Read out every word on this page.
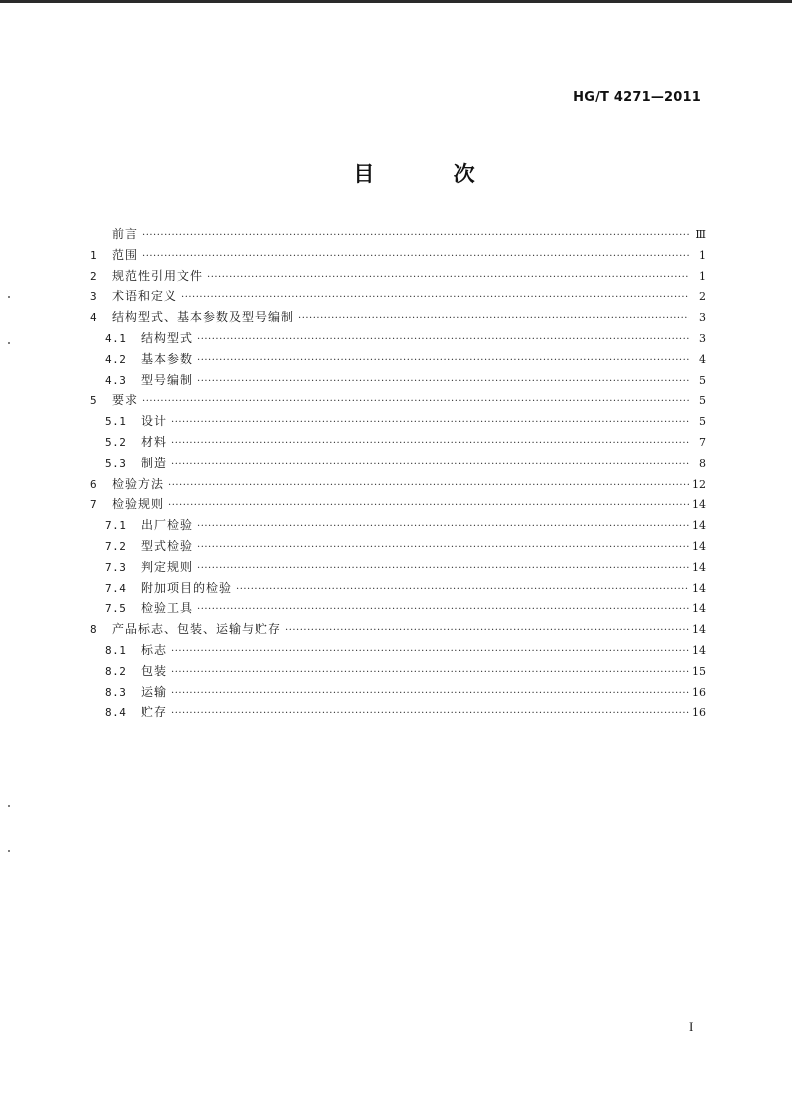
HG/T 4271—2011
目 次
前言 ·····	Ⅲ
1	范围 ·····	1
2	规范性引用文件 ·····	1
3	术语和定义 ·····	2
4	结构型式、基本参数及型号编制 ·····	3
4.1	结构型式 ·····	3
4.2	基本参数 ·····	4
4.3	型号编制 ·····	5
5	要求 ·····	5
5.1	设计 ·····	5
5.2	材料 ·····	7
5.3	制造 ·····	8
6	检验方法 ·····	12
7	检验规则 ·····	14
7.1	出厂检验 ·····	14
7.2	型式检验 ·····	14
7.3	判定规则 ·····	14
7.4	附加项目的检验 ·····	14
7.5	检验工具 ·····	14
8	产品标志、包装、运输与贮存 ·····	14
8.1	标志 ·····	14
8.2	包装 ·····	15
8.3	运输 ·····	16
8.4	贮存 ·····	16
I
